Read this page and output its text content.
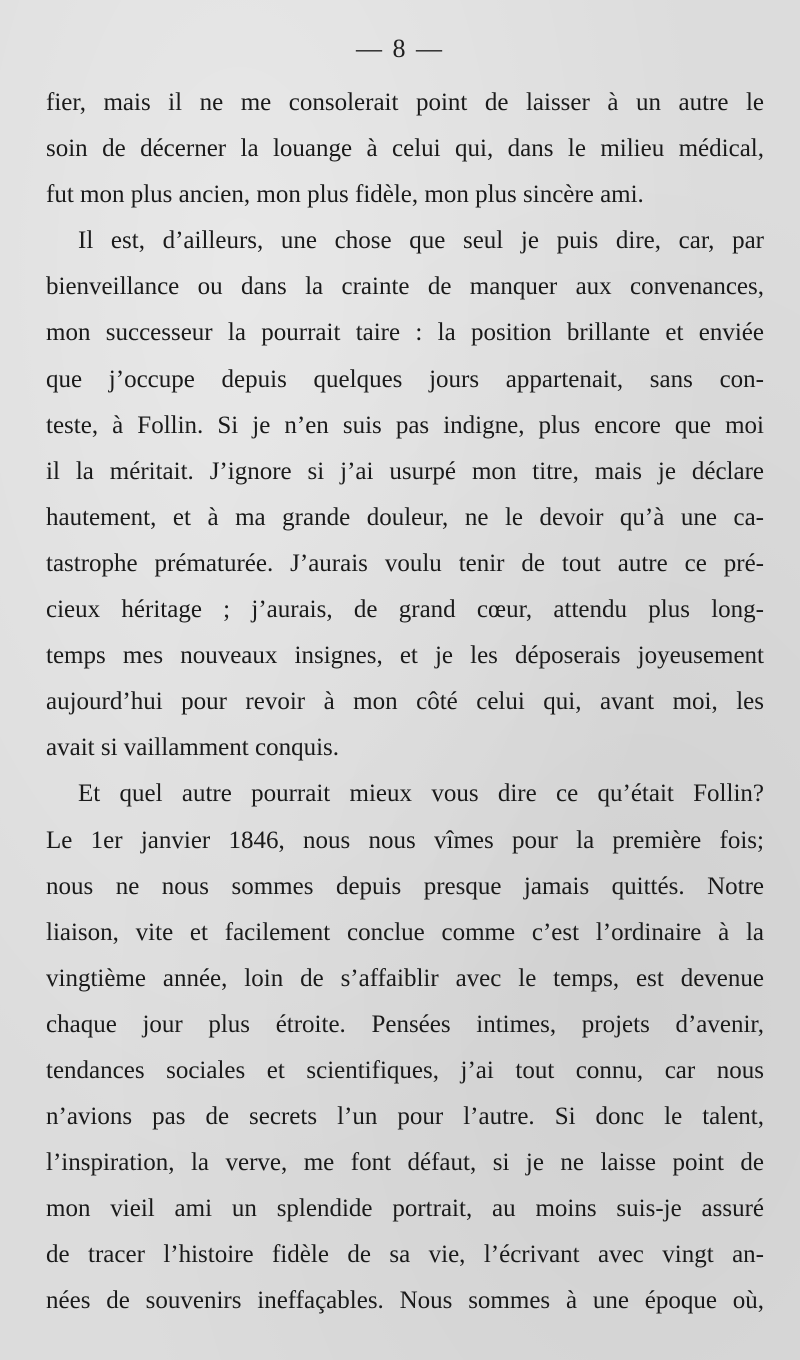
— 8 —
fier, mais il ne me consolerait point de laisser à un autre le
soin de décerner la louange à celui qui, dans le milieu médical,
fut mon plus ancien, mon plus fidèle, mon plus sincère ami.
Il est, d’ailleurs, une chose que seul je puis dire, car, par
bienveillance ou dans la crainte de manquer aux convenances,
mon successeur la pourrait taire : la position brillante et enviée
que j’occupe depuis quelques jours appartenait, sans con-
teste, à Follin. Si je n’en suis pas indigne, plus encore que moi
il la méritait. J’ignore si j’ai usurpé mon titre, mais je déclare
hautement, et à ma grande douleur, ne le devoir qu’à une ca-
tastrophe prématurée. J’aurais voulu tenir de tout autre ce pré-
cieux héritage ; j’aurais, de grand cœur, attendu plus long-
temps mes nouveaux insignes, et je les déposerais joyeusement
aujourd’hui pour revoir à mon côté celui qui, avant moi, les
avait si vaillamment conquis.
Et quel autre pourrait mieux vous dire ce qu’était Follin?
Le 1er janvier 1846, nous nous vîmes pour la première fois;
nous ne nous sommes depuis presque jamais quittés. Notre
liaison, vite et facilement conclue comme c’est l’ordinaire à la
vingtième année, loin de s’affaiblir avec le temps, est devenue
chaque jour plus étroite. Pensées intimes, projets d’avenir,
tendances sociales et scientifiques, j’ai tout connu, car nous
n’avions pas de secrets l’un pour l’autre. Si donc le talent,
l’inspiration, la verve, me font défaut, si je ne laisse point de
mon vieil ami un splendide portrait, au moins suis-je assuré
de tracer l’histoire fidèle de sa vie, l’écrivant avec vingt an-
nées de souvenirs ineffaçables. Nous sommes à une époque où,
